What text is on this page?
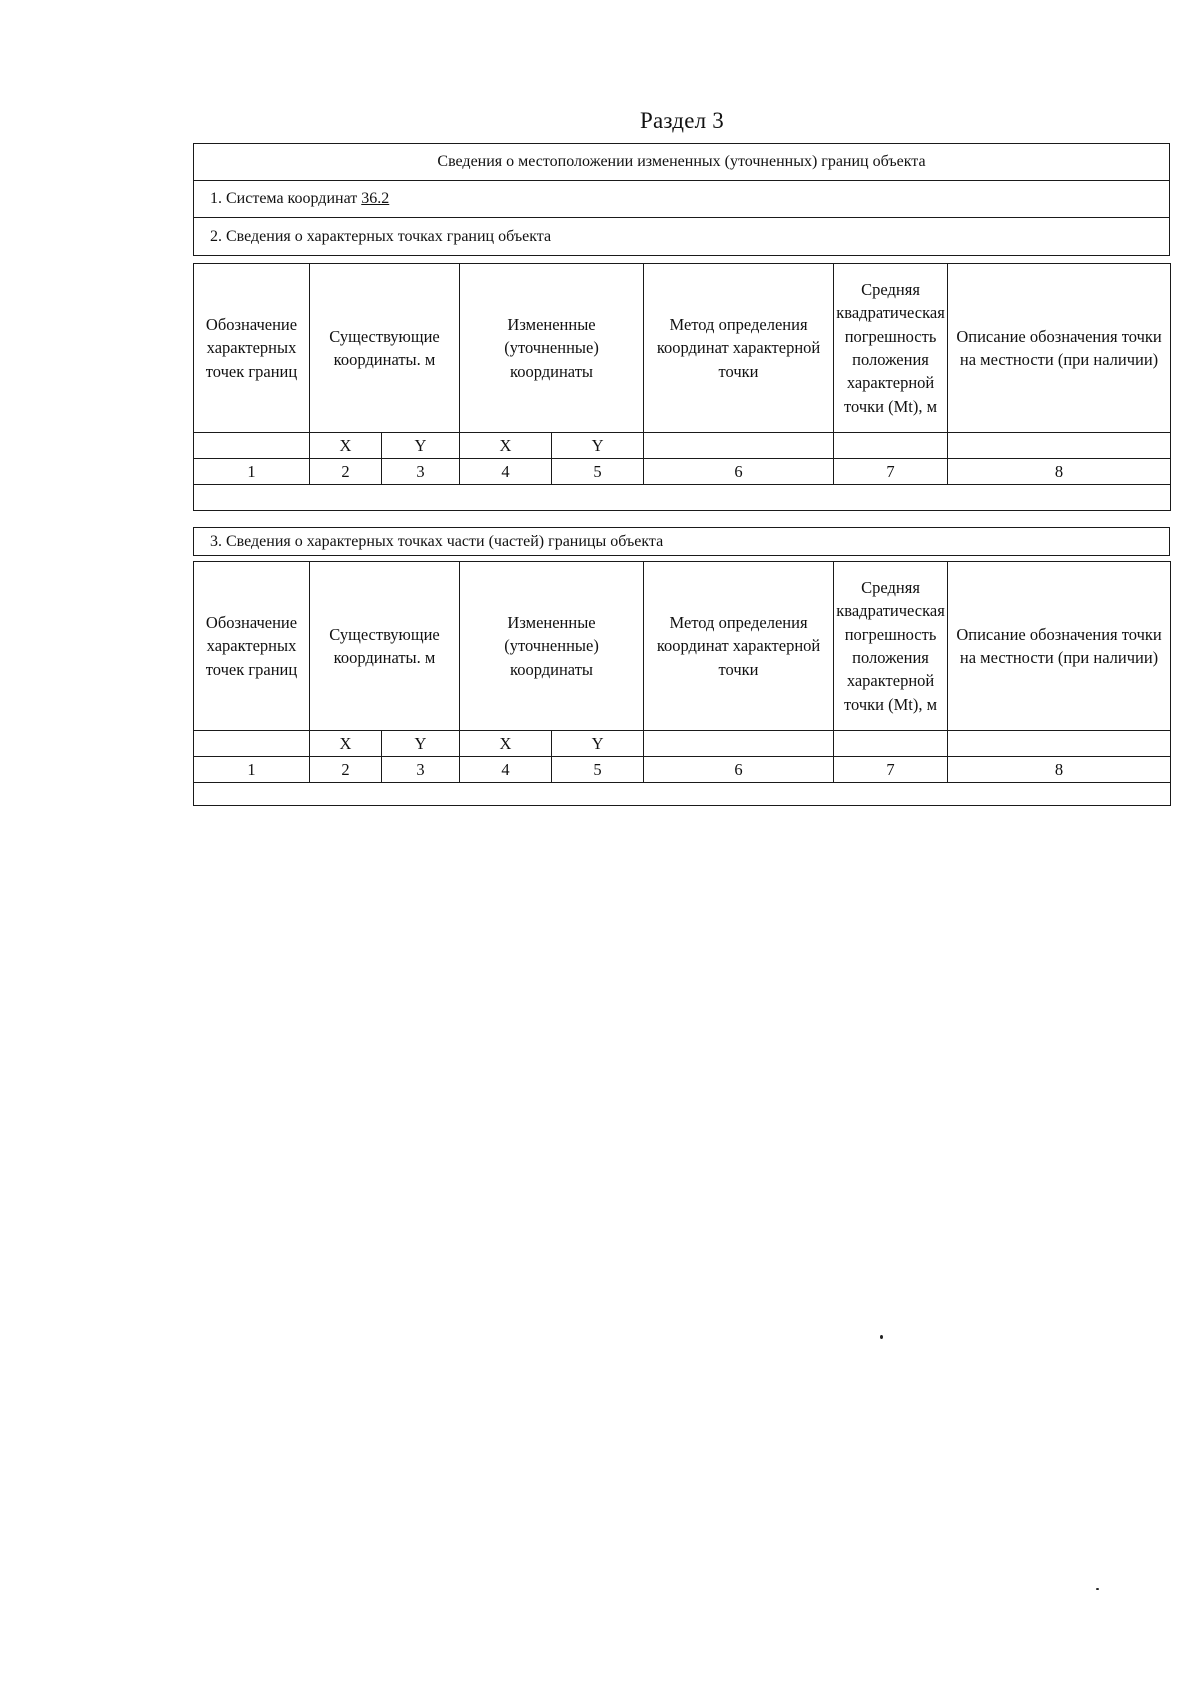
Раздел 3
Сведения о местоположении измененных (уточненных) границ объекта
1. Система координат 36.2
2. Сведения о характерных точках границ объекта
Обозначение характерных точек границ	Существующие координаты. м		Измененные (уточненные) координаты		Метод определения координат характерной точки	Средняя квадратическая погрешность положения характерной точки (Mt), м	Описание обозначения точки на местности (при наличии)
	X	Y	X	Y			
1	2	3	4	5	6	7	8

3. Сведения о характерных точках части (частей) границы объекта
Обозначение характерных точек границ	Существующие координаты. м		Измененные (уточненные) координаты		Метод определения координат характерной точки	Средняя квадратическая погрешность положения характерной точки (Mt), м	Описание обозначения точки на местности (при наличии)
	X	Y	X	Y			
1	2	3	4	5	6	7	8
